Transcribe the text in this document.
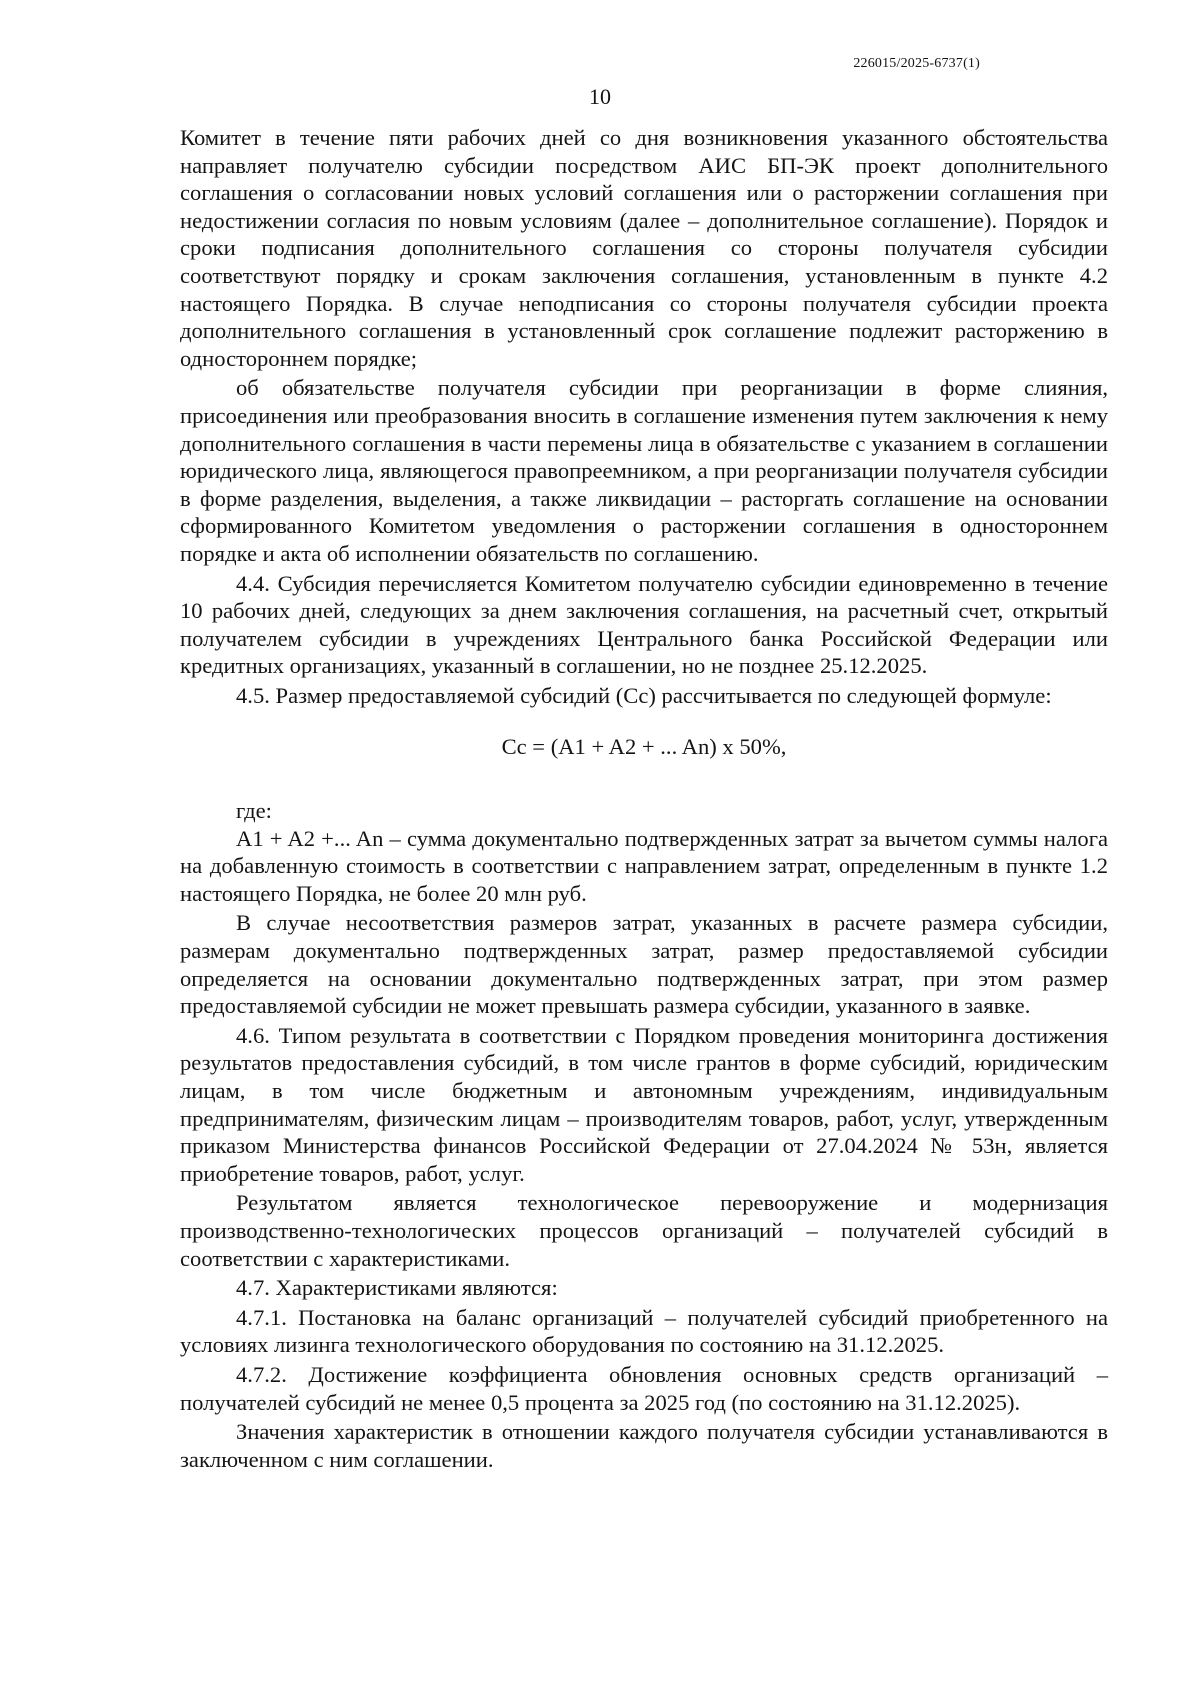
226015/2025-6737(1)
10

Комитет в течение пяти рабочих дней со дня возникновения указанного обстоятельства направляет получателю субсидии посредством АИС БП-ЭК проект дополнительного соглашения о согласовании новых условий соглашения или о расторжении соглашения при недостижении согласия по новым условиям (далее – дополнительное соглашение). Порядок и сроки подписания дополнительного соглашения со стороны получателя субсидии соответствуют порядку и срокам заключения соглашения, установленным в пункте 4.2 настоящего Порядка. В случае неподписания со стороны получателя субсидии проекта дополнительного соглашения в установленный срок соглашение подлежит расторжению в одностороннем порядке;

об обязательстве получателя субсидии при реорганизации в форме слияния, присоединения или преобразования вносить в соглашение изменения путем заключения к нему дополнительного соглашения в части перемены лица в обязательстве с указанием в соглашении юридического лица, являющегося правопреемником, а при реорганизации получателя субсидии в форме разделения, выделения, а также ликвидации – расторгать соглашение на основании сформированного Комитетом уведомления о расторжении соглашения в одностороннем порядке и акта об исполнении обязательств по соглашению.

4.4. Субсидия перечисляется Комитетом получателю субсидии единовременно в течение 10 рабочих дней, следующих за днем заключения соглашения, на расчетный счет, открытый получателем субсидии в учреждениях Центрального банка Российской Федерации или кредитных организациях, указанный в соглашении, но не позднее 25.12.2025.

4.5. Размер предоставляемой субсидий (Cc) рассчитывается по следующей формуле:

Cc = (A1 + A2 + ... An) x 50%,

где:

A1 + A2 +... An – сумма документально подтвержденных затрат за вычетом суммы налога на добавленную стоимость в соответствии с направлением затрат, определенным в пункте 1.2 настоящего Порядка, не более 20 млн руб.

В случае несоответствия размеров затрат, указанных в расчете размера субсидии, размерам документально подтвержденных затрат, размер предоставляемой субсидии определяется на основании документально подтвержденных затрат, при этом размер предоставляемой субсидии не может превышать размера субсидии, указанного в заявке.

4.6. Типом результата в соответствии с Порядком проведения мониторинга достижения результатов предоставления субсидий, в том числе грантов в форме субсидий, юридическим лицам, в том числе бюджетным и автономным учреждениям, индивидуальным предпринимателям, физическим лицам – производителям товаров, работ, услуг, утвержденным приказом Министерства финансов Российской Федерации от 27.04.2024 № 53н, является приобретение товаров, работ, услуг.

Результатом является технологическое перевооружение и модернизация производственно-технологических процессов организаций – получателей субсидий в соответствии с характеристиками.

4.7. Характеристиками являются:

4.7.1. Постановка на баланс организаций – получателей субсидий приобретенного на условиях лизинга технологического оборудования по состоянию на 31.12.2025.

4.7.2. Достижение коэффициента обновления основных средств организаций – получателей субсидий не менее 0,5 процента за 2025 год (по состоянию на 31.12.2025).

Значения характеристик в отношении каждого получателя субсидии устанавливаются в заключенном с ним соглашении.
